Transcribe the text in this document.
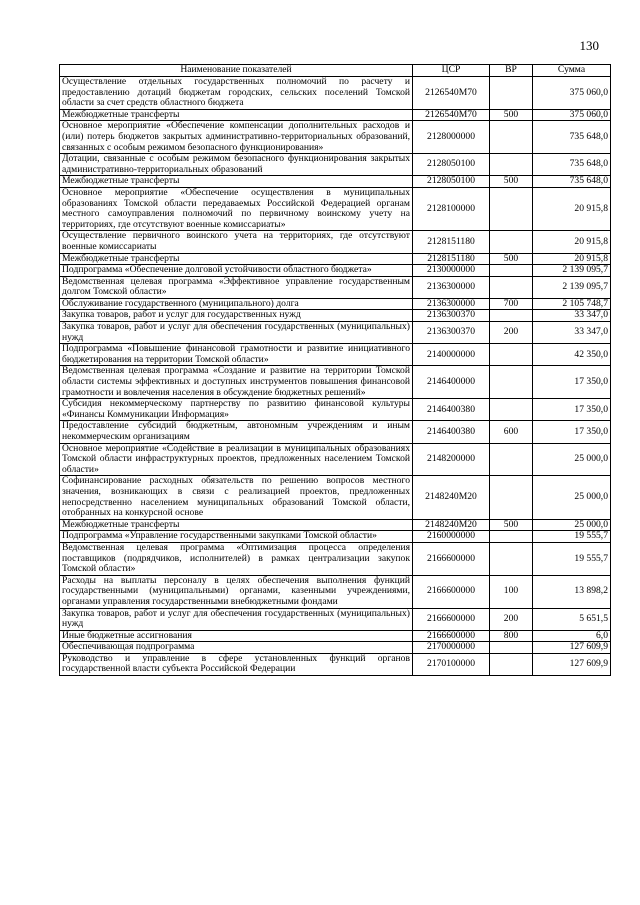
130
Наименование показателей	ЦСР	ВР	Сумма
Осуществление отдельных государственных полномочий по расчету и предоставлению дотаций бюджетам городских, сельских поселений Томской области за счет средств областного бюджета	2126540M70		375 060,0
Межбюджетные трансферты	2126540M70	500	375 060,0
Основное мероприятие «Обеспечение компенсации дополнительных расходов и (или) потерь бюджетов закрытых административно-территориальных образований, связанных с особым режимом безопасного функционирования»	2128000000		735 648,0
Дотации, связанные с особым режимом безопасного функционирования закрытых административно-территориальных образований	2128050100		735 648,0
Межбюджетные трансферты	2128050100	500	735 648,0
Основное мероприятие «Обеспечение осуществления в муниципальных образованиях Томской области передаваемых Российской Федерацией органам местного самоуправления полномочий по первичному воинскому учету на территориях, где отсутствуют военные комиссариаты»	2128100000		20 915,8
Осуществление первичного воинского учета на территориях, где отсутствуют военные комиссариаты	2128151180		20 915,8
Межбюджетные трансферты	2128151180	500	20 915,8
Подпрограмма «Обеспечение долговой устойчивости областного бюджета»	2130000000		2 139 095,7
Ведомственная целевая программа «Эффективное управление государственным долгом Томской области»	2136300000		2 139 095,7
Обслуживание государственного (муниципального) долга	2136300000	700	2 105 748,7
Закупка товаров, работ и услуг для государственных нужд	2136300370		33 347,0
Закупка товаров, работ и услуг для обеспечения государственных (муниципальных) нужд	2136300370	200	33 347,0
Подпрограмма «Повышение финансовой грамотности и развитие инициативного бюджетирования на территории Томской области»	2140000000		42 350,0
Ведомственная целевая программа «Создание и развитие на территории Томской области системы эффективных и доступных инструментов повышения финансовой грамотности и вовлечения населения в обсуждение бюджетных решений»	2146400000		17 350,0
Субсидия некоммерческому партнерству по развитию финансовой культуры «Финансы Коммуникации Информация»	2146400380		17 350,0
Предоставление субсидий бюджетным, автономным учреждениям и иным некоммерческим организациям	2146400380	600	17 350,0
Основное мероприятие «Содействие в реализации в муниципальных образованиях Томской области инфраструктурных проектов, предложенных населением Томской области»	2148200000		25 000,0
Софинансирование расходных обязательств по решению вопросов местного значения, возникающих в связи с реализацией проектов, предложенных непосредственно населением муниципальных образований Томской области, отобранных на конкурсной основе	2148240M20		25 000,0
Межбюджетные трансферты	2148240M20	500	25 000,0
Подпрограмма «Управление государственными закупками Томской области»	2160000000		19 555,7
Ведомственная целевая программа «Оптимизация процесса определения поставщиков (подрядчиков, исполнителей) в рамках централизации закупок Томской области»	2166600000		19 555,7
Расходы на выплаты персоналу в целях обеспечения выполнения функций государственными (муниципальными) органами, казенными учреждениями, органами управления государственными внебюджетными фондами	2166600000	100	13 898,2
Закупка товаров, работ и услуг для обеспечения государственных (муниципальных) нужд	2166600000	200	5 651,5
Иные бюджетные ассигнования	2166600000	800	6,0
Обеспечивающая подпрограмма	2170000000		127 609,9
Руководство и управление в сфере установленных функций органов государственной власти субъекта Российской Федерации	2170100000		127 609,9
